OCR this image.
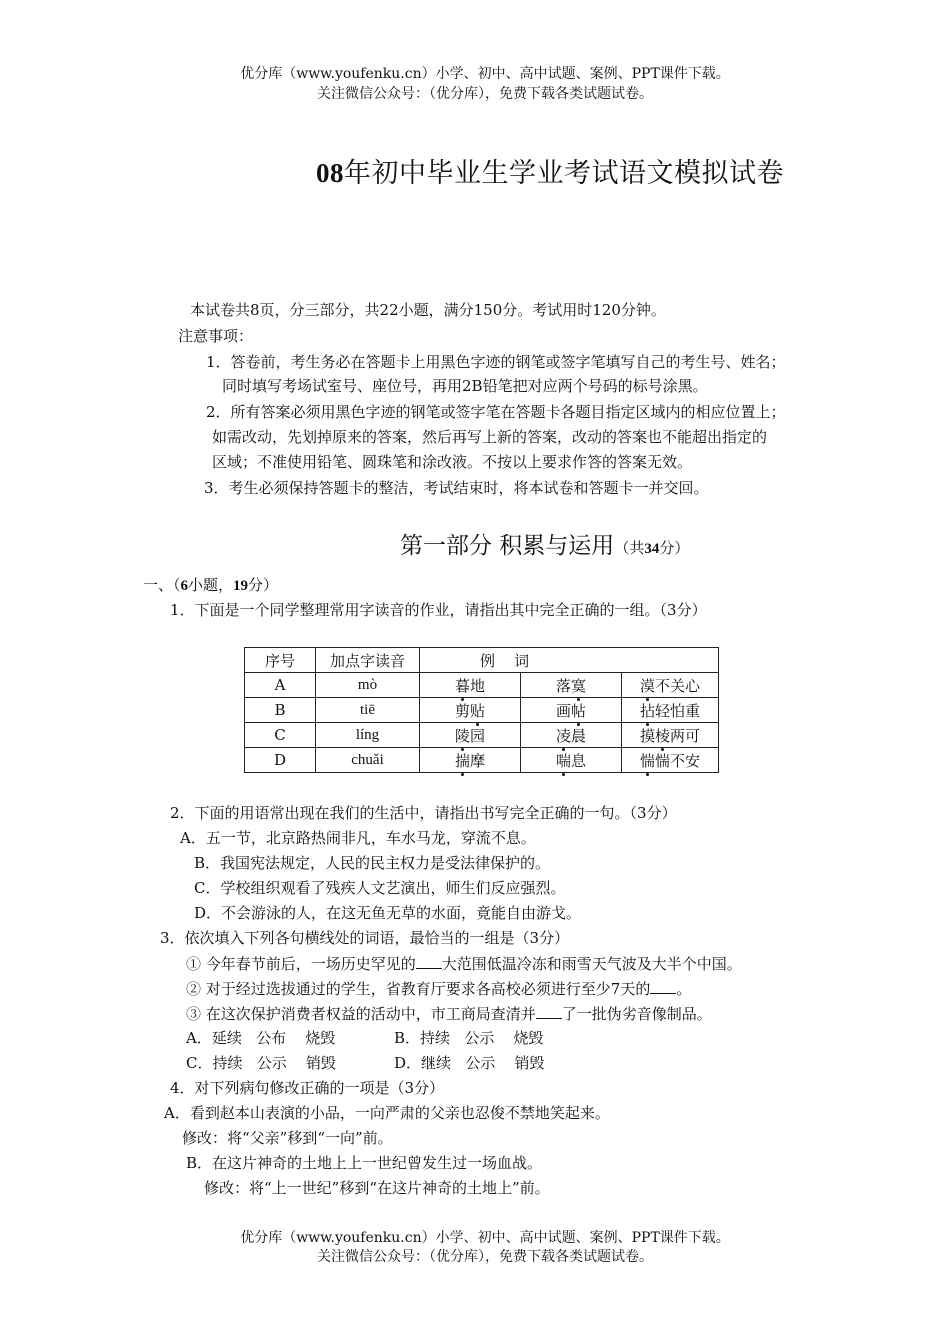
优分库（www.youfenku.cn）小学、初中、高中试题、案例、PPT课件下载。
关注微信公众号：（优分库），免费下载各类试题试卷。
08年初中毕业生学业考试语文模拟试卷
本试卷共8页，分三部分，共22小题，满分150分。考试用时120分钟。
注意事项：
1．答卷前，考生务必在答题卡上用黑色字迹的钢笔或签字笔填写自己的考生号、姓名；
同时填写考场试室号、座位号，再用2B铅笔把对应两个号码的标号涂黑。
2．所有答案必须用黑色字迹的钢笔或签字笔在答题卡各题目指定区域内的相应位置上；
如需改动，先划掉原来的答案，然后再写上新的答案，改动的答案也不能超出指定的
区域；不准使用铅笔、圆珠笔和涂改液。不按以上要求作答的答案无效。
3．考生必须保持答题卡的整洁，考试结束时，将本试卷和答题卡一并交回。
第一部分 积累与运用（共34分）
一、（6小题，19分）
1．下面是一个同学整理常用字读音的作业，请指出其中完全正确的一组。（3分）
序号	加点字读音	例    词		
A	mò	暮地	落寞	漠不关心
B	tiē	剪贴	画帖	拈轻怕重
C	líng	陵园	凌晨	摸棱两可
D	chuǎi	揣摩	喘息	惴惴不安
2．下面的用语常出现在我们的生活中，请指出书写完全正确的一句。（3分）
A．五一节，北京路热闹非凡，车水马龙，穿流不息。
B．我国宪法规定，人民的民主权力是受法律保护的。
C．学校组织观看了残疾人文艺演出，师生们反应强烈。
D．不会游泳的人，在这无鱼无草的水面，竟能自由游戈。
3．依次填入下列各句横线处的词语，最恰当的一组是（3分）
① 今年春节前后，一场历史罕见的 大范围低温冷冻和雨雪天气波及大半个中国。
② 对于经过选拔通过的学生，省教育厅要求各高校必须进行至少7天的 。
③ 在这次保护消费者权益的活动中，市工商局查清并 了一批伪劣音像制品。
A．延续   公布    烧毁	B．持续   公示    烧毁
C．持续   公示    销毁	D．继续   公示    销毁
4．对下列病句修改正确的一项是（3分）
A．看到赵本山表演的小品，一向严肃的父亲也忍俊不禁地笑起来。
修改：将“父亲”移到“一向”前。
B．在这片神奇的土地上上一世纪曾发生过一场血战。
修改：将“上一世纪”移到“在这片神奇的土地上”前。
优分库（www.youfenku.cn）小学、初中、高中试题、案例、PPT课件下载。
关注微信公众号：（优分库），免费下载各类试题试卷。
